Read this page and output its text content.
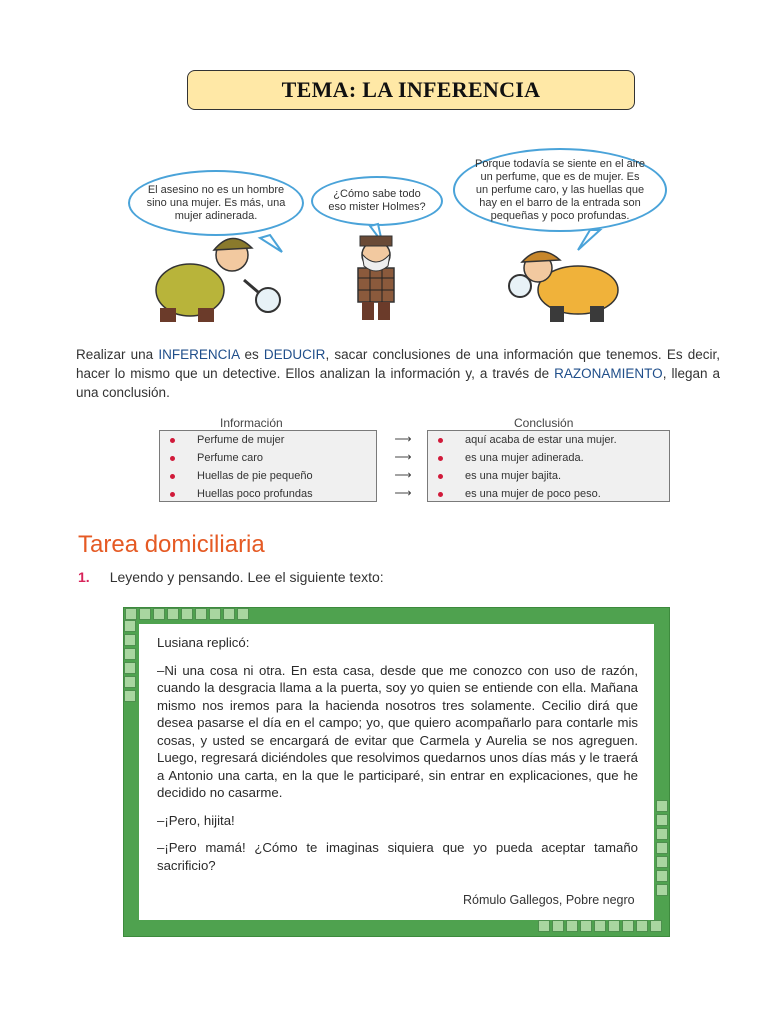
TEMA: LA INFERENCIA
El asesino no es un hombre sino una mujer. Es más, una mujer adinerada.
¿Cómo sabe todo eso mister Holmes?
Porque todavía se siente en el aire un perfume, que es de mujer. Es un perfume caro, y las huellas que hay en el barro de la entrada son pequeñas y poco profundas.
Realizar una INFERENCIA es DEDUCIR, sacar conclusiones de una información que tenemos. Es decir, hacer lo mismo que un detective. Ellos analizan la información y, a través de RAZONAMIENTO, llegan a una conclusión.
Información	Conclusión
Perfume de mujer
Perfume caro
Huellas de pie pequeño
Huellas poco profundas
⟶
⟶
⟶
⟶
aquí acaba de estar una mujer.
es una mujer adinerada.
es una mujer bajita.
es una mujer de poco peso.
Tarea domiciliaria
1. Leyendo y pensando. Lee el siguiente texto:

Lusiana replicó:

–Ni una cosa ni otra. En esta casa, desde que me conozco con uso de razón, cuando la desgracia llama a la puerta, soy yo quien se entiende con ella. Mañana mismo nos iremos para la hacienda nosotros tres solamente. Cecilio dirá que desea pasarse el día en el campo; yo, que quiero acompañarlo para contarle mis cosas, y usted se encargará de evitar que Carmela y Aurelia se nos agreguen. Luego, regresará diciéndoles que resolvimos quedarnos unos días más y le traerá a Antonio una carta, en la que le participaré, sin entrar en explicaciones, que he decidido no casarme.

–¡Pero, hijita!

–¡Pero mamá! ¿Cómo te imaginas siquiera que yo pueda aceptar tamaño sacrificio?

Rómulo Gallegos, Pobre negro
